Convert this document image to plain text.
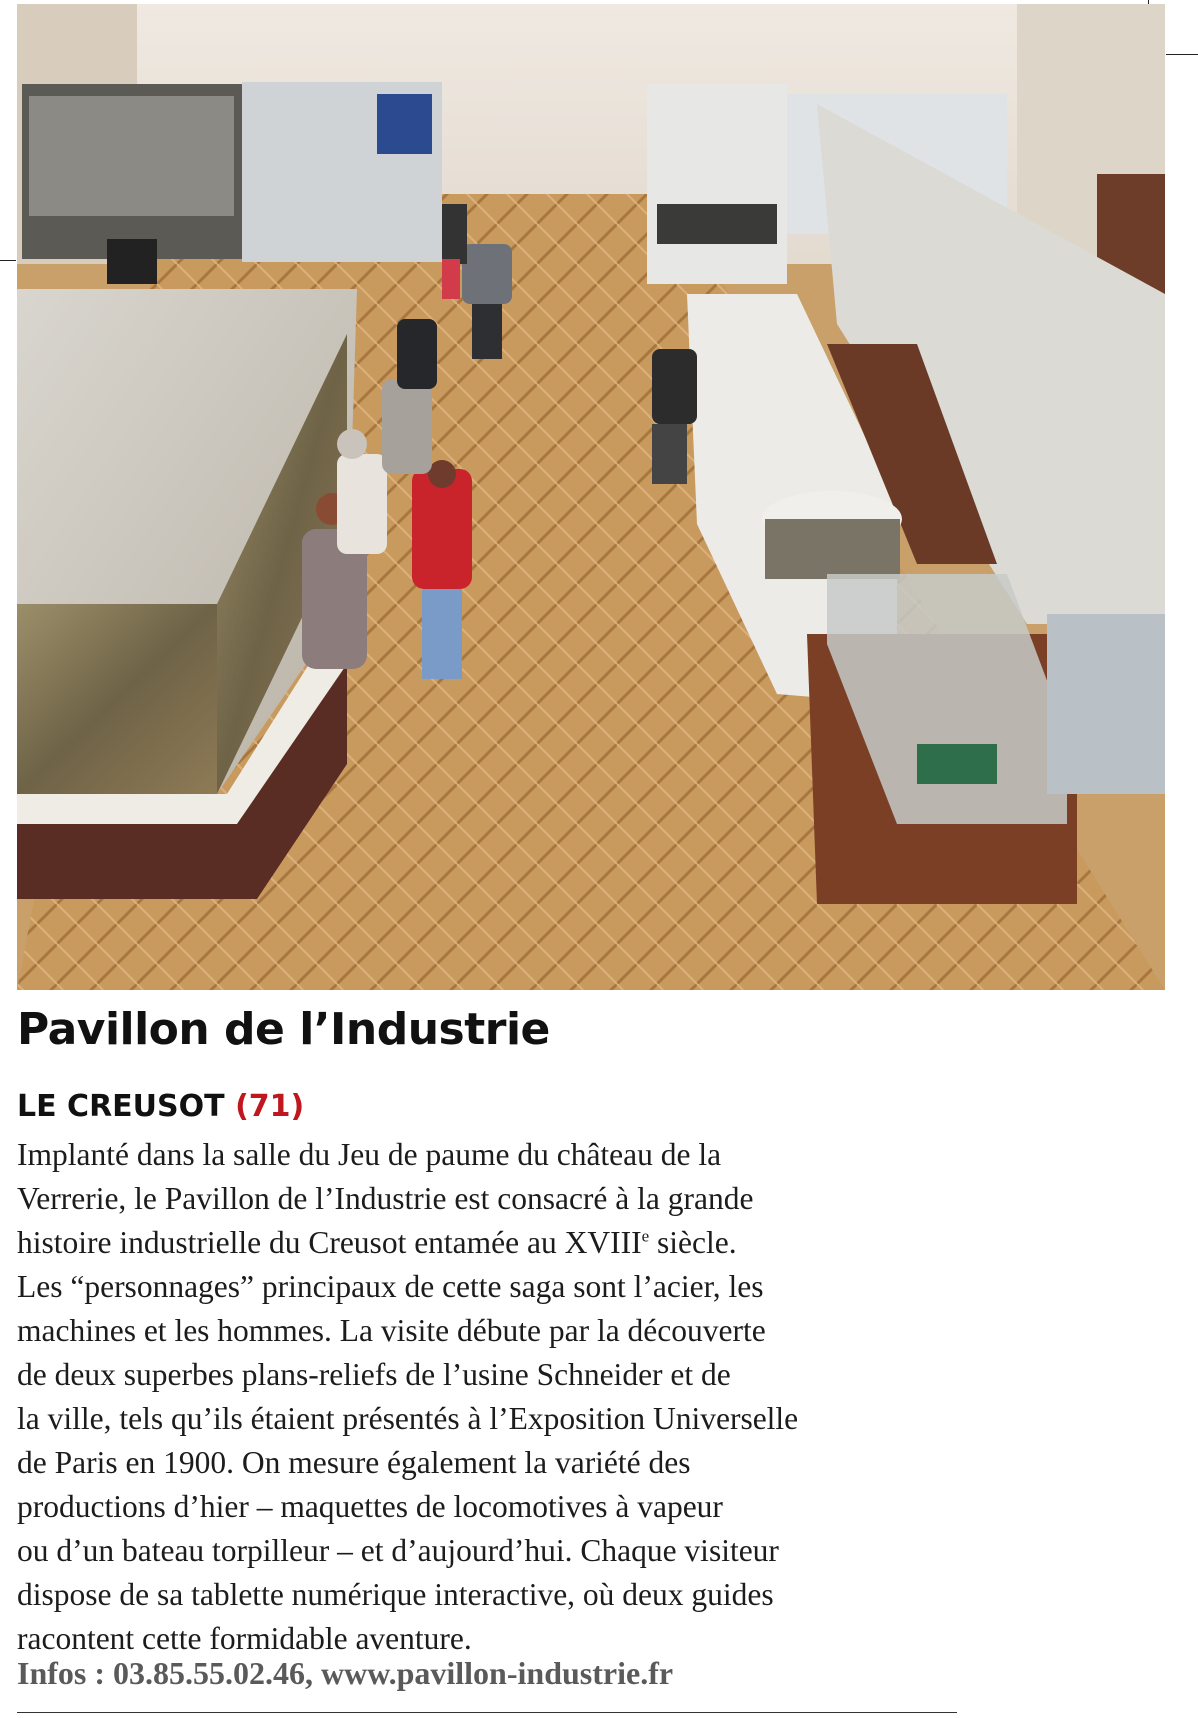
Pavillon de l’Industrie
LE CREUSOT (71)
Implanté dans la salle du Jeu de paume du château de la
Verrerie, le Pavillon de l’Industrie est consacré à la grande
histoire industrielle du Creusot entamée au XVIIIe siècle.
Les “personnages” principaux de cette saga sont l’acier, les
machines et les hommes. La visite débute par la découverte
de deux superbes plans-reliefs de l’usine Schneider et de
la ville, tels qu’ils étaient présentés à l’Exposition Universelle
de Paris en 1900. On mesure également la variété des
productions d’hier – maquettes de locomotives à vapeur
ou d’un bateau torpilleur – et d’aujourd’hui. Chaque visiteur
dispose de sa tablette numérique interactive, où deux guides
racontent cette formidable aventure.
Infos : 03.85.55.02.46, www.pavillon-industrie.fr
